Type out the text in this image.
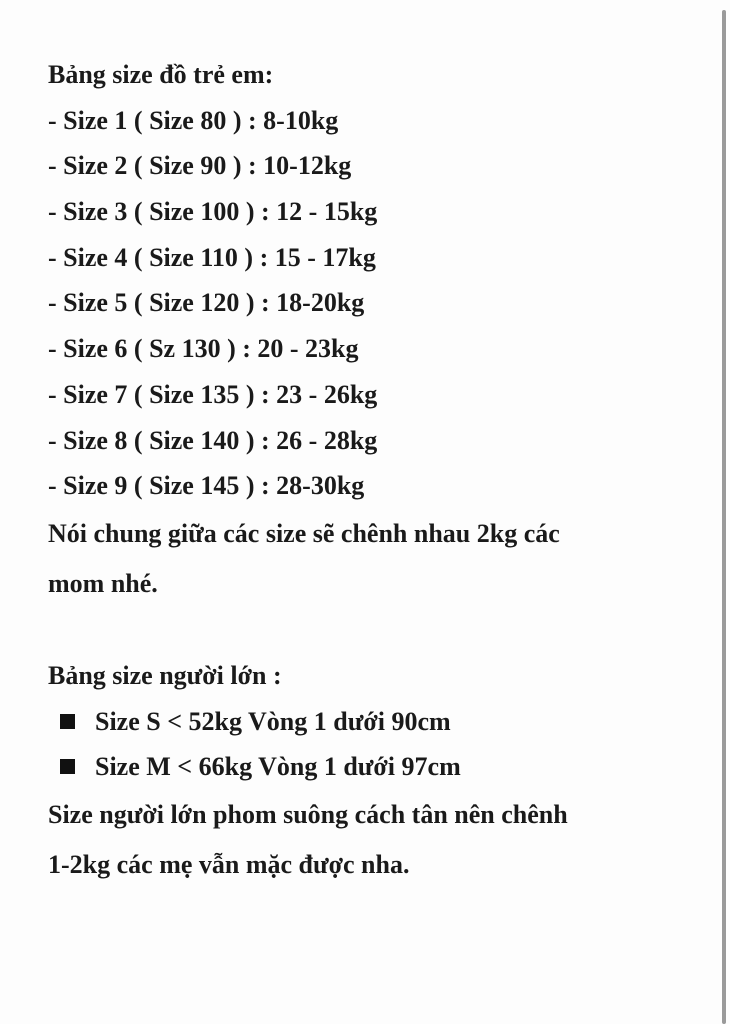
Bảng size đồ trẻ em:
- Size 1 ( Size 80 ) : 8-10kg
- Size 2 ( Size 90 ) : 10-12kg
- Size 3 ( Size 100 ) : 12 - 15kg
- Size 4 ( Size 110 ) : 15 - 17kg
- Size 5 ( Size 120 ) : 18-20kg
- Size 6 ( Sz 130 ) : 20 - 23kg
- Size 7 ( Size 135 ) : 23 - 26kg
- Size 8 ( Size 140 ) : 26 - 28kg
- Size 9 ( Size 145 ) : 28-30kg
Nói chung giữa các size sẽ chênh nhau 2kg các
mom nhé.
Bảng size người lớn :
Size S < 52kg Vòng 1 dưới 90cm
Size M < 66kg Vòng 1 dưới 97cm
Size người lớn phom suông cách tân nên chênh
1-2kg các mẹ vẫn mặc được nha.
